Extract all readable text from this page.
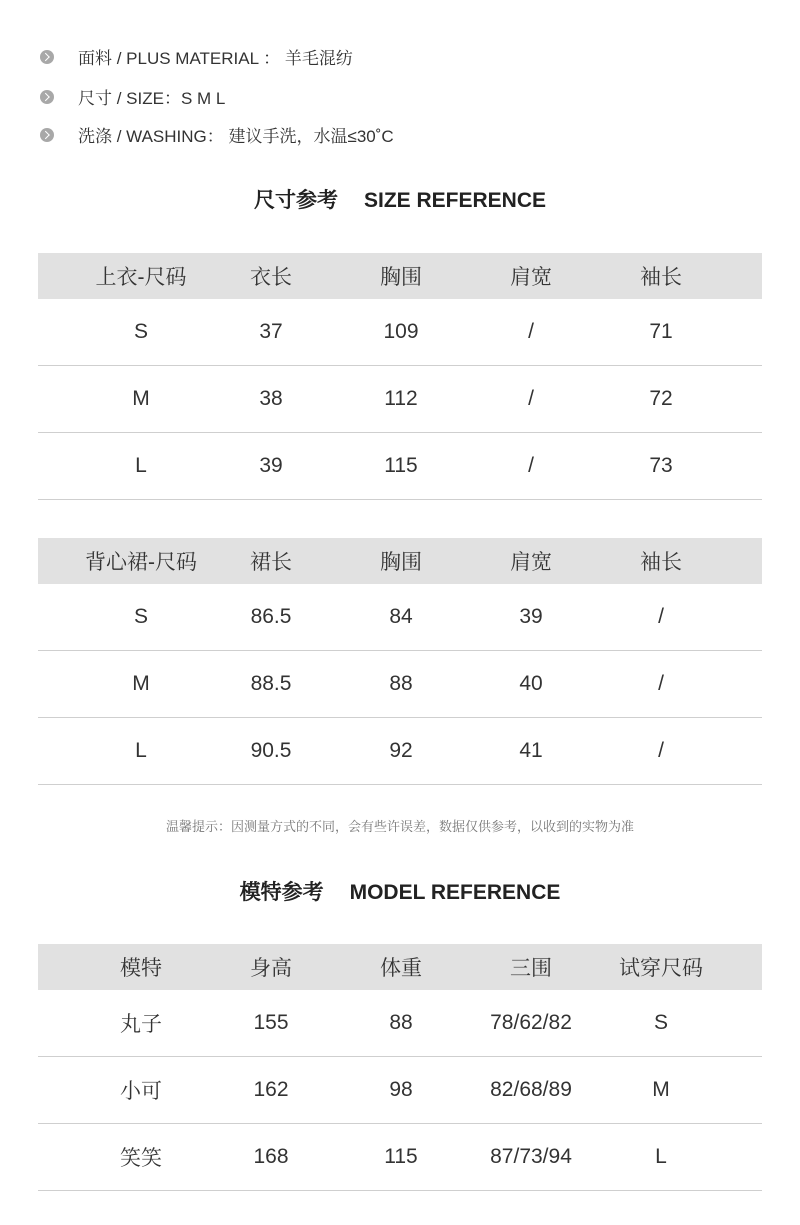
面料 / PLUS MATERIAL ： 羊毛混纺
尺寸 / SIZE：S M L
洗涤 / WASHING： 建议手洗，水温≤30˚C
尺寸参考 SIZE REFERENCE
上衣-尺码	衣长	胸围	肩宽	袖长
S	37	109	/	71
M	38	112	/	72
L	39	115	/	73
背心裙-尺码	裙长	胸围	肩宽	袖长
S	86.5	84	39	/
M	88.5	88	40	/
L	90.5	92	41	/
温馨提示：因测量方式的不同，会有些许误差，数据仅供参考，以收到的实物为准
模特参考 MODEL REFERENCE
模特	身高	体重	三围	试穿尺码
丸子	155	88	78/62/82	S
小可	162	98	82/68/89	M
笑笑	168	115	87/73/94	L
